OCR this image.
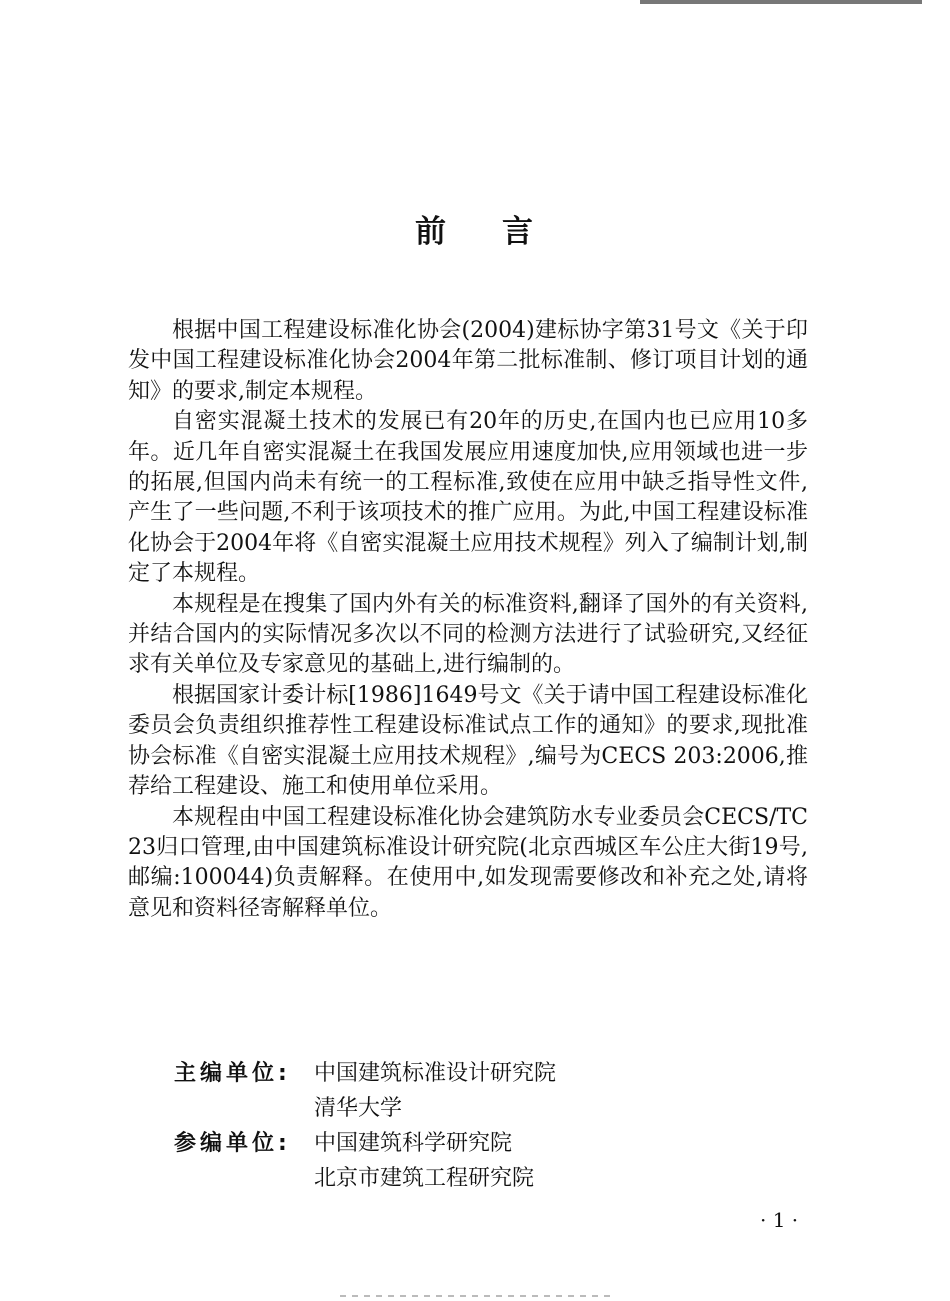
前 言

根据中国工程建设标准化协会(2004)建标协字第31号文《关于印发中国工程建设标准化协会2004年第二批标准制、修订项目计划的通知》的要求,制定本规程。

自密实混凝土技术的发展已有20年的历史,在国内也已应用10多年。近几年自密实混凝土在我国发展应用速度加快,应用领域也进一步的拓展,但国内尚未有统一的工程标准,致使在应用中缺乏指导性文件,产生了一些问题,不利于该项技术的推广应用。为此,中国工程建设标准化协会于2004年将《自密实混凝土应用技术规程》列入了编制计划,制定了本规程。

本规程是在搜集了国内外有关的标准资料,翻译了国外的有关资料,并结合国内的实际情况多次以不同的检测方法进行了试验研究,又经征求有关单位及专家意见的基础上,进行编制的。

根据国家计委计标[1986]1649号文《关于请中国工程建设标准化委员会负责组织推荐性工程建设标准试点工作的通知》的要求,现批准协会标准《自密实混凝土应用技术规程》,编号为CECS 203:2006,推荐给工程建设、施工和使用单位采用。

本规程由中国工程建设标准化协会建筑防水专业委员会CECS/TC 23归口管理,由中国建筑标准设计研究院(北京西城区车公庄大街19号,邮编:100044)负责解释。在使用中,如发现需要修改和补充之处,请将意见和资料径寄解释单位。

主编单位:	中国建筑标准设计研究院
清华大学
参编单位:	中国建筑科学研究院
北京市建筑工程研究院
· 1 ·
